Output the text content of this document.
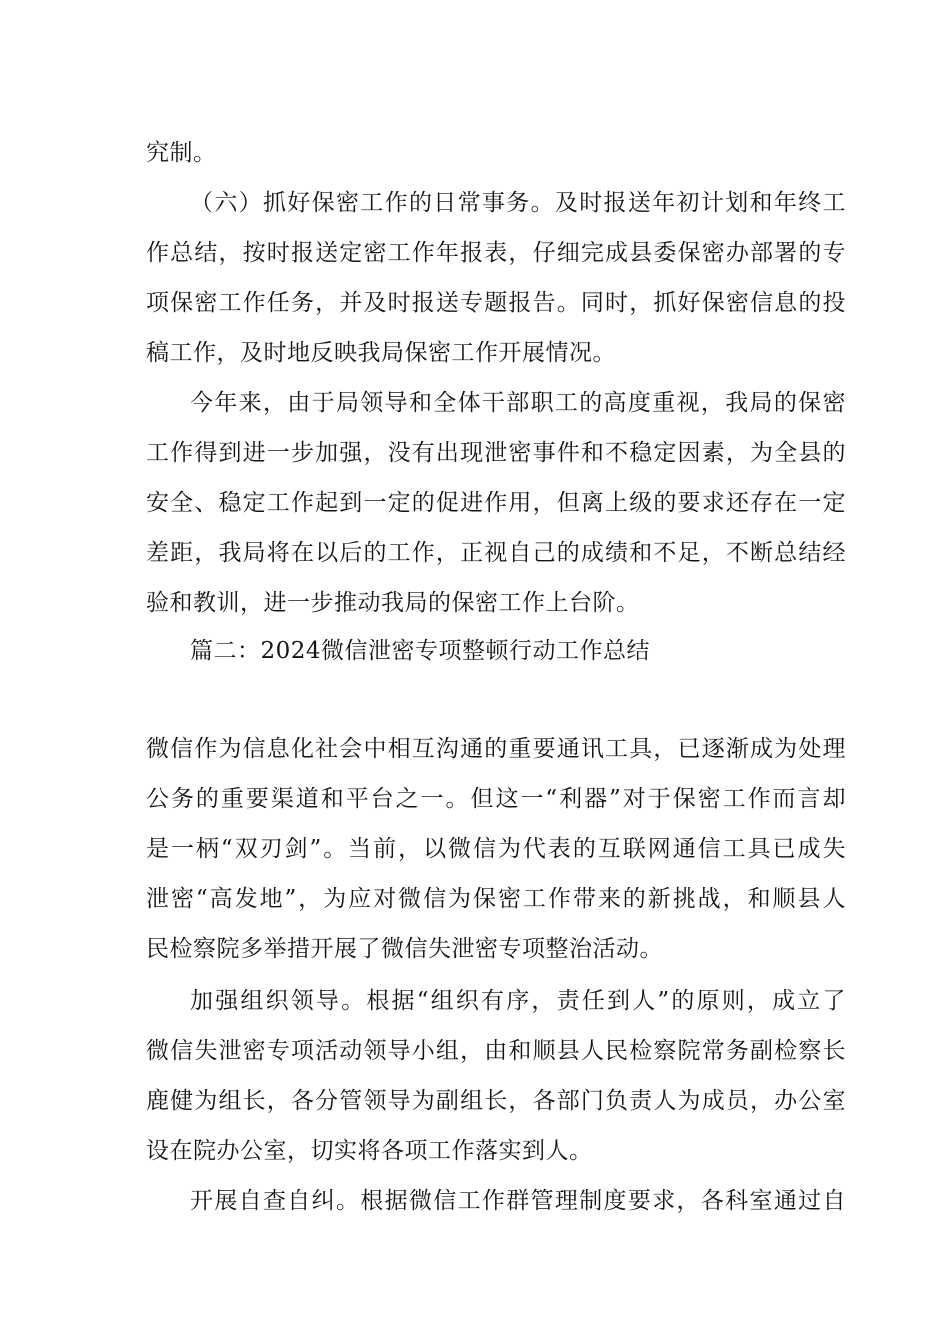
究制。
（六）抓好保密工作的日常事务。及时报送年初计划和年终工
作总结，按时报送定密工作年报表，仔细完成县委保密办部署的专
项保密工作任务，并及时报送专题报告。同时，抓好保密信息的投
稿工作，及时地反映我局保密工作开展情况。
今年来，由于局领导和全体干部职工的高度重视，我局的保密
工作得到进一步加强，没有出现泄密事件和不稳定因素，为全县的
安全、稳定工作起到一定的促进作用，但离上级的要求还存在一定
差距，我局将在以后的工作，正视自己的成绩和不足，不断总结经
验和教训，进一步推动我局的保密工作上台阶。
篇二：2024微信泄密专项整顿行动工作总结
微信作为信息化社会中相互沟通的重要通讯工具，已逐渐成为处理
公务的重要渠道和平台之一。但这一“利器”对于保密工作而言却
是一柄“双刃剑”。当前，以微信为代表的互联网通信工具已成失
泄密“高发地”，为应对微信为保密工作带来的新挑战，和顺县人
民检察院多举措开展了微信失泄密专项整治活动。
加强组织领导。根据“组织有序，责任到人”的原则，成立了
微信失泄密专项活动领导小组，由和顺县人民检察院常务副检察长
鹿健为组长，各分管领导为副组长，各部门负责人为成员，办公室
设在院办公室，切实将各项工作落实到人。
开展自查自纠。根据微信工作群管理制度要求，各科室通过自
